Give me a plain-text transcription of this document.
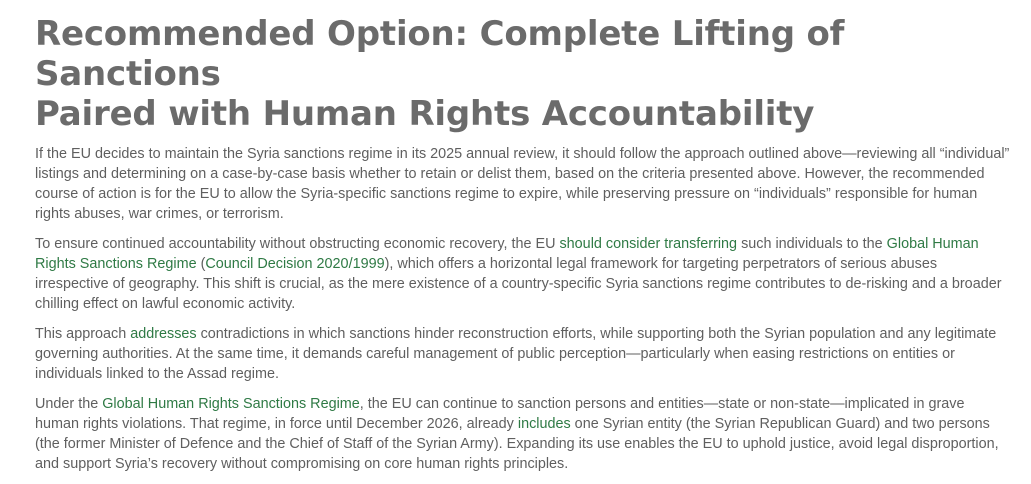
Recommended Option: Complete Lifting of Sanctions
Paired with Human Rights Accountability

If the EU decides to maintain the Syria sanctions regime in its 2025 annual review, it should follow the approach outlined above—reviewing all “individual” listings and determining on a case-by-case basis whether to retain or delist them, based on the criteria presented above. However, the recommended course of action is for the EU to allow the Syria-specific sanctions regime to expire, while preserving pressure on “individuals” responsible for human rights abuses, war crimes, or terrorism.

To ensure continued accountability without obstructing economic recovery, the EU should consider transferring such individuals to the Global Human Rights Sanctions Regime (Council Decision 2020/1999), which offers a horizontal legal framework for targeting perpetrators of serious abuses irrespective of geography. This shift is crucial, as the mere existence of a country-specific Syria sanctions regime contributes to de-risking and a broader chilling effect on lawful economic activity.

This approach addresses contradictions in which sanctions hinder reconstruction efforts, while supporting both the Syrian population and any legitimate governing authorities. At the same time, it demands careful management of public perception—particularly when easing restrictions on entities or individuals linked to the Assad regime.

Under the Global Human Rights Sanctions Regime, the EU can continue to sanction persons and entities—state or non-state—implicated in grave human rights violations. That regime, in force until December 2026, already includes one Syrian entity (the Syrian Republican Guard) and two persons (the former Minister of Defence and the Chief of Staff of the Syrian Army). Expanding its use enables the EU to uphold justice, avoid legal disproportion, and support Syria’s recovery without compromising on core human rights principles.
